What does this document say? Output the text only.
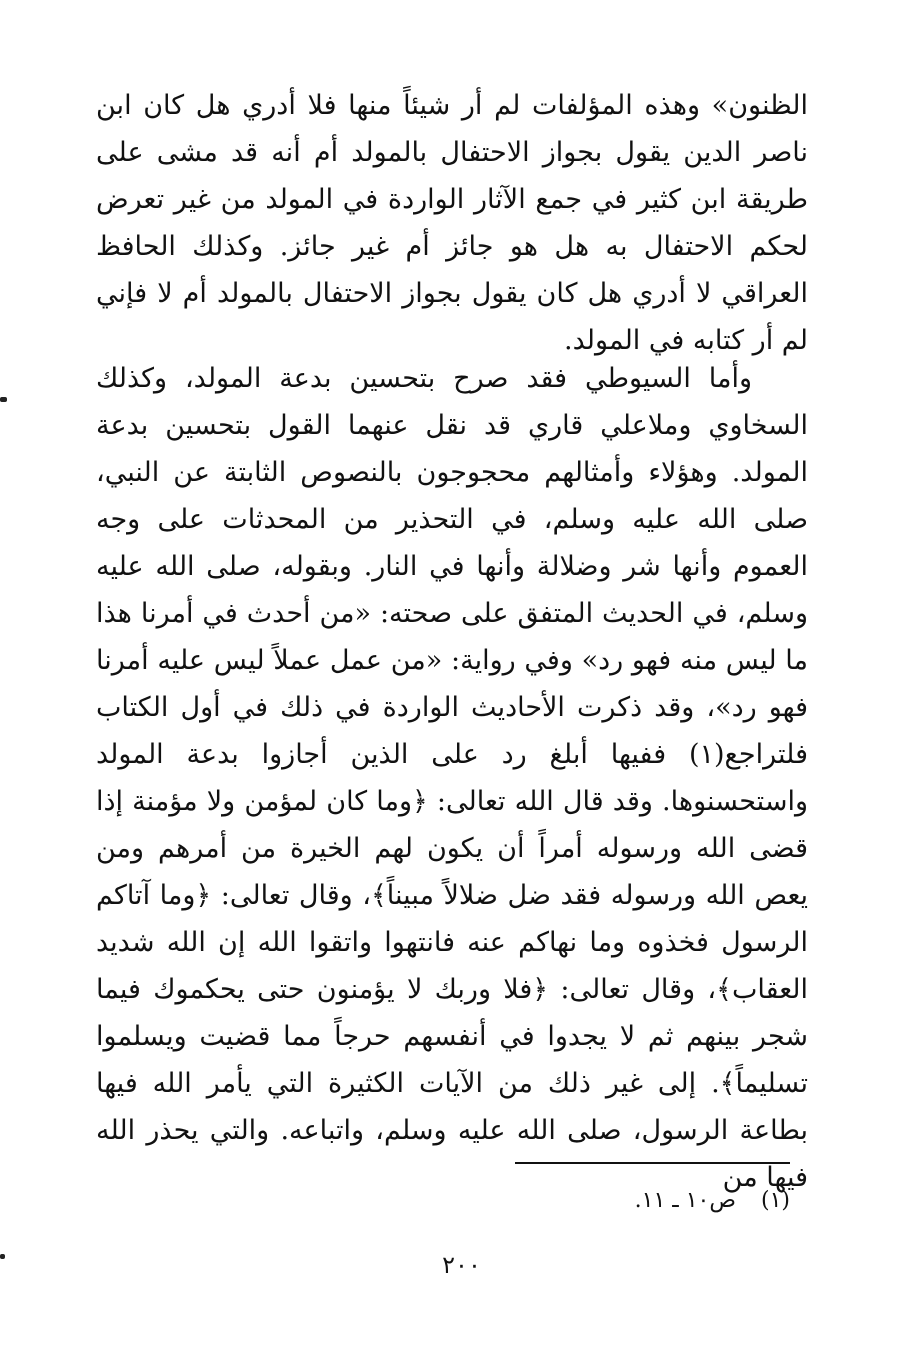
الظنون» وهذه المؤلفات لم أر شيئاً منها فلا أدري هل كان ابن ناصر الدين يقول بجواز الاحتفال بالمولد أم أنه قد مشى على طريقة ابن كثير في جمع الآثار الواردة في المولد من غير تعرض لحكم الاحتفال به هل هو جائز أم غير جائز. وكذلك الحافظ العراقي لا أدري هل كان يقول بجواز الاحتفال بالمولد أم لا فإني لم أر كتابه في المولد.

وأما السيوطي فقد صرح بتحسين بدعة المولد، وكذلك السخاوي وملاعلي قاري قد نقل عنهما القول بتحسين بدعة المولد. وهؤلاء وأمثالهم محجوجون بالنصوص الثابتة عن النبي، صلى الله عليه وسلم، في التحذير من المحدثات على وجه العموم وأنها شر وضلالة وأنها في النار. وبقوله، صلى الله عليه وسلم، في الحديث المتفق على صحته: «من أحدث في أمرنا هذا ما ليس منه فهو رد» وفي رواية: «من عمل عملاً ليس عليه أمرنا فهو رد»، وقد ذكرت الأحاديث الواردة في ذلك في أول الكتاب فلتراجع(١) ففيها أبلغ رد على الذين أجازوا بدعة المولد واستحسنوها. وقد قال الله تعالى: ﴿وما كان لمؤمن ولا مؤمنة إذا قضى الله ورسوله أمراً أن يكون لهم الخيرة من أمرهم ومن يعص الله ورسوله فقد ضل ضلالاً مبيناً﴾، وقال تعالى: ﴿وما آتاكم الرسول فخذوه وما نهاكم عنه فانتهوا واتقوا الله إن الله شديد العقاب﴾، وقال تعالى: ﴿فلا وربك لا يؤمنون حتى يحكموك فيما شجر بينهم ثم لا يجدوا في أنفسهم حرجاً مما قضيت ويسلموا تسليماً﴾. إلى غير ذلك من الآيات الكثيرة التي يأمر الله فيها بطاعة الرسول، صلى الله عليه وسلم، واتباعه. والتي يحذر الله فيها من

(١) ص١٠ ـ ١١.

٢٠٠
